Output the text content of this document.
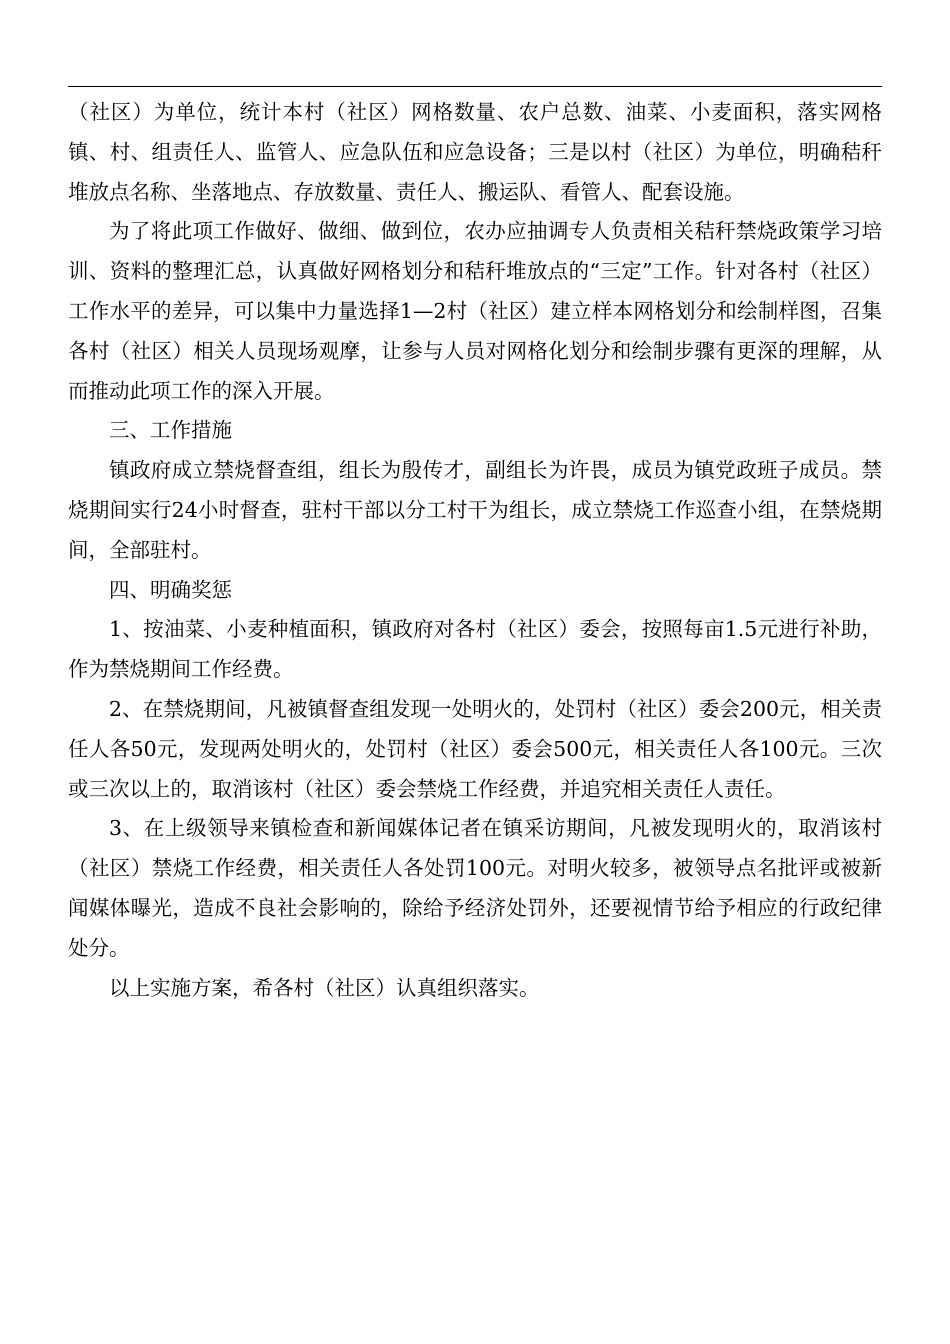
（社区）为单位，统计本村（社区）网格数量、农户总数、油菜、小麦面积，落实网格镇、村、组责任人、监管人、应急队伍和应急设备；三是以村（社区）为单位，明确秸秆堆放点名称、坐落地点、存放数量、责任人、搬运队、看管人、配套设施。

为了将此项工作做好、做细、做到位，农办应抽调专人负责相关秸秆禁烧政策学习培训、资料的整理汇总，认真做好网格划分和秸秆堆放点的“三定”工作。针对各村（社区）工作水平的差异，可以集中力量选择1—2村（社区）建立样本网格划分和绘制样图，召集各村（社区）相关人员现场观摩，让参与人员对网格化划分和绘制步骤有更深的理解，从而推动此项工作的深入开展。

三、工作措施

镇政府成立禁烧督查组，组长为殷传才，副组长为许畏，成员为镇党政班子成员。禁烧期间实行24小时督查，驻村干部以分工村干为组长，成立禁烧工作巡查小组，在禁烧期间，全部驻村。

四、明确奖惩

1、按油菜、小麦种植面积，镇政府对各村（社区）委会，按照每亩1.5元进行补助，作为禁烧期间工作经费。

2、在禁烧期间，凡被镇督查组发现一处明火的，处罚村（社区）委会200元，相关责任人各50元，发现两处明火的，处罚村（社区）委会500元，相关责任人各100元。三次或三次以上的，取消该村（社区）委会禁烧工作经费，并追究相关责任人责任。

3、在上级领导来镇检查和新闻媒体记者在镇采访期间，凡被发现明火的，取消该村（社区）禁烧工作经费，相关责任人各处罚100元。对明火较多，被领导点名批评或被新闻媒体曝光，造成不良社会影响的，除给予经济处罚外，还要视情节给予相应的行政纪律处分。

以上实施方案，希各村（社区）认真组织落实。
